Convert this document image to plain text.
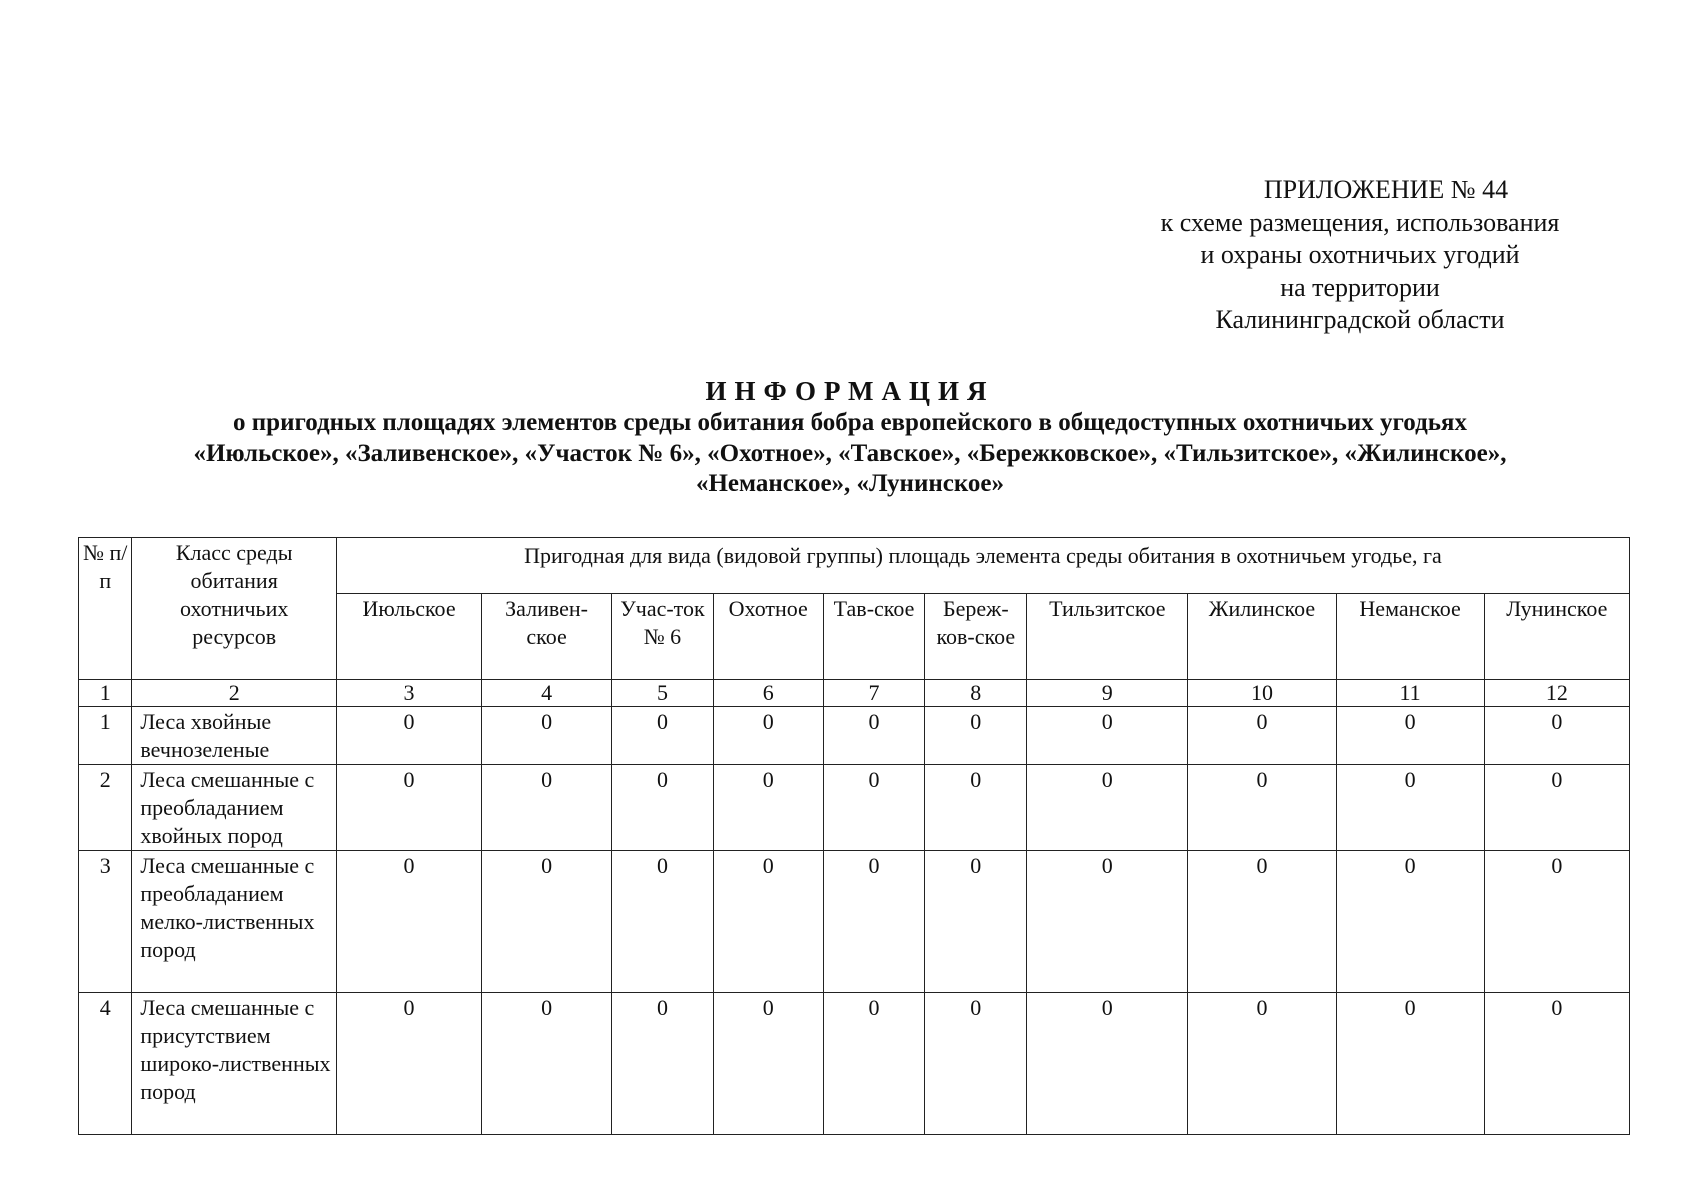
ПРИЛОЖЕНИЕ № 44
к схеме размещения, использования
и охраны охотничьих угодий
на территории
Калининградской области
ИНФОРМАЦИЯ
о пригодных площадях элементов среды обитания бобра европейского в общедоступных охотничьих угодьях
«Июльское», «Заливенское», «Участок № 6», «Охотное», «Тавское», «Бережковское», «Тильзитское», «Жилинское»,
«Неманское», «Лунинское»
№ п/п	Класс среды обитания охотничьих ресурсов	Пригодная для вида (видовой группы) площадь элемента среды обитания в охотничьем угодье, га									
		Июльское	Заливен-ское	Учас-ток № 6	Охотное	Тав-ское	Береж-ков-ское	Тильзитское	Жилинское	Неманское	Лунинское
1	2	3	4	5	6	7	8	9	10	11	12
1	Леса хвойные вечнозеленые	0	0	0	0	0	0	0	0	0	0
2	Леса смешанные с преобладанием хвойных пород	0	0	0	0	0	0	0	0	0	0
3	Леса смешанные с преобладанием мелко-лиственных пород	0	0	0	0	0	0	0	0	0	0
4	Леса смешанные с присутствием широко-лиственных пород	0	0	0	0	0	0	0	0	0	0
